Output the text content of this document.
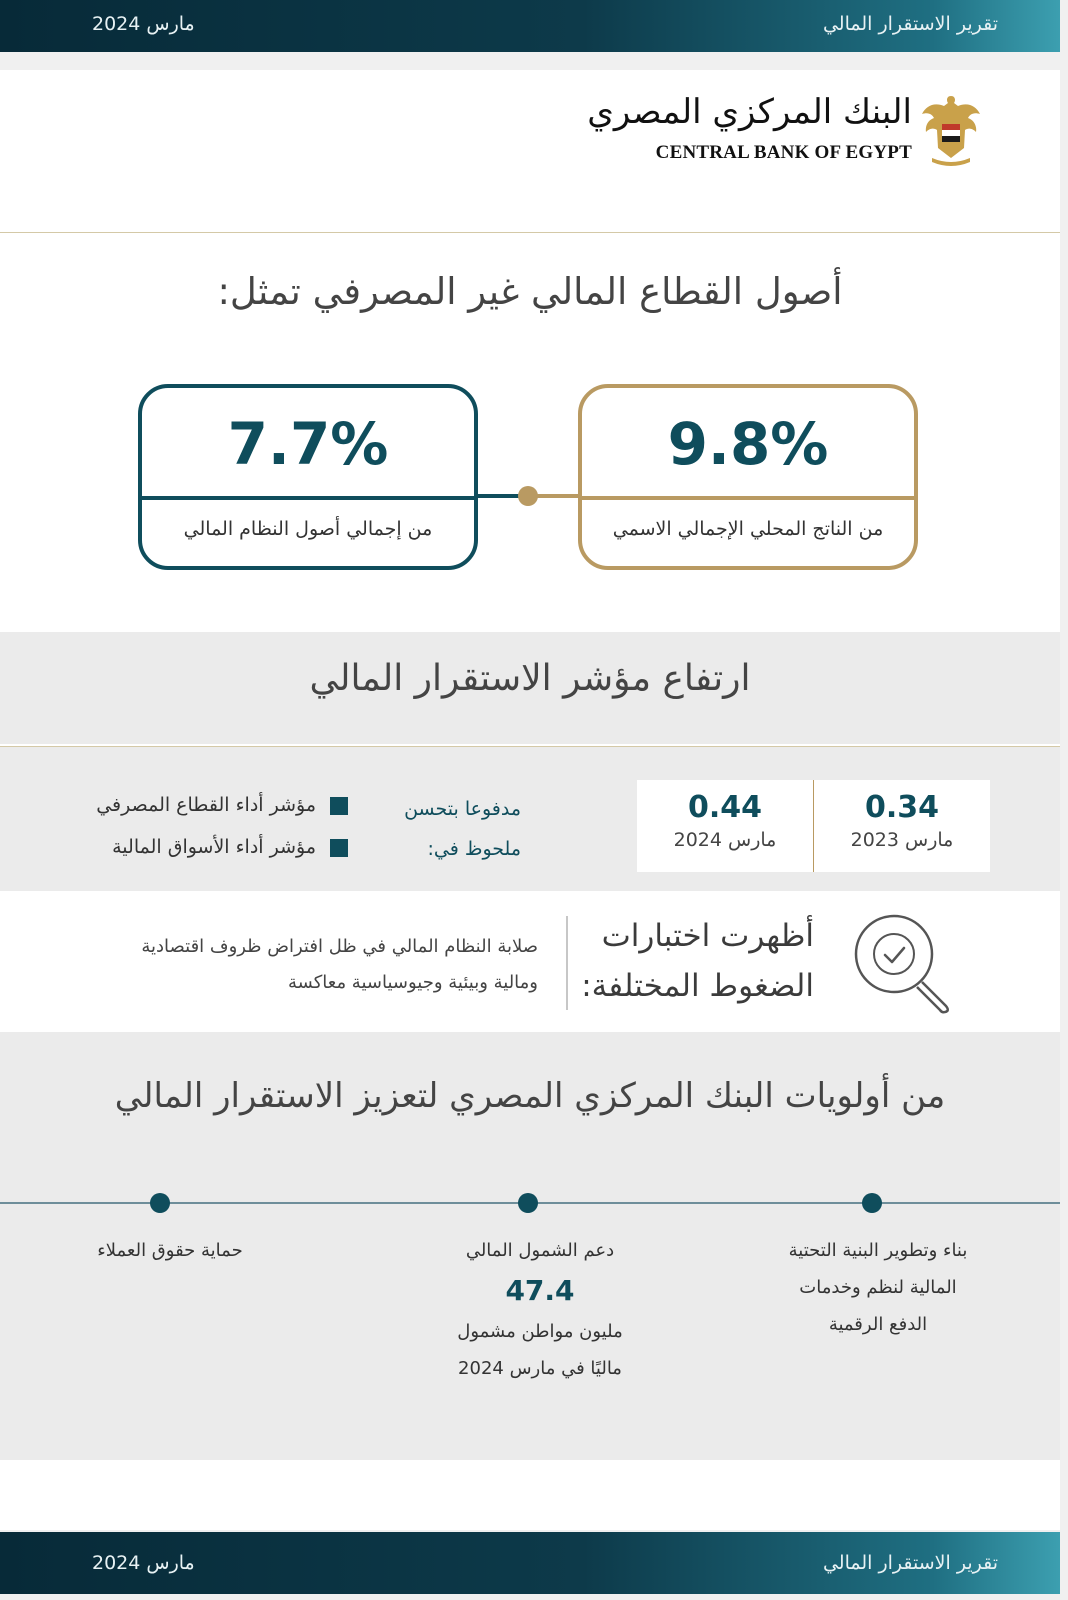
تقرير الاستقرار المالي
مارس 2024
البنك المركزي المصري
CENTRAL BANK OF EGYPT
أصول القطاع المالي غير المصرفي تمثل:
9.8%
من الناتج المحلي الإجمالي الاسمي
7.7%
من إجمالي أصول النظام المالي
ارتفاع مؤشر الاستقرار المالي
0.34
مارس 2023
0.44
مارس 2024
مدفوعا بتحسن
ملحوظ في:
مؤشر أداء القطاع المصرفي
مؤشر أداء الأسواق المالية
أظهرت اختبارات
الضغوط المختلفة:
صلابة النظام المالي في ظل افتراض ظروف اقتصادية
ومالية وبيئية وجيوسياسية معاكسة
من أولويات البنك المركزي المصري لتعزيز الاستقرار المالي
بناء وتطوير البنية التحتية
المالية لنظم وخدمات
الدفع الرقمية
دعم الشمول المالي
47.4
مليون مواطن مشمول
ماليًا في مارس 2024
حماية حقوق العملاء
تقرير الاستقرار المالي
مارس 2024
